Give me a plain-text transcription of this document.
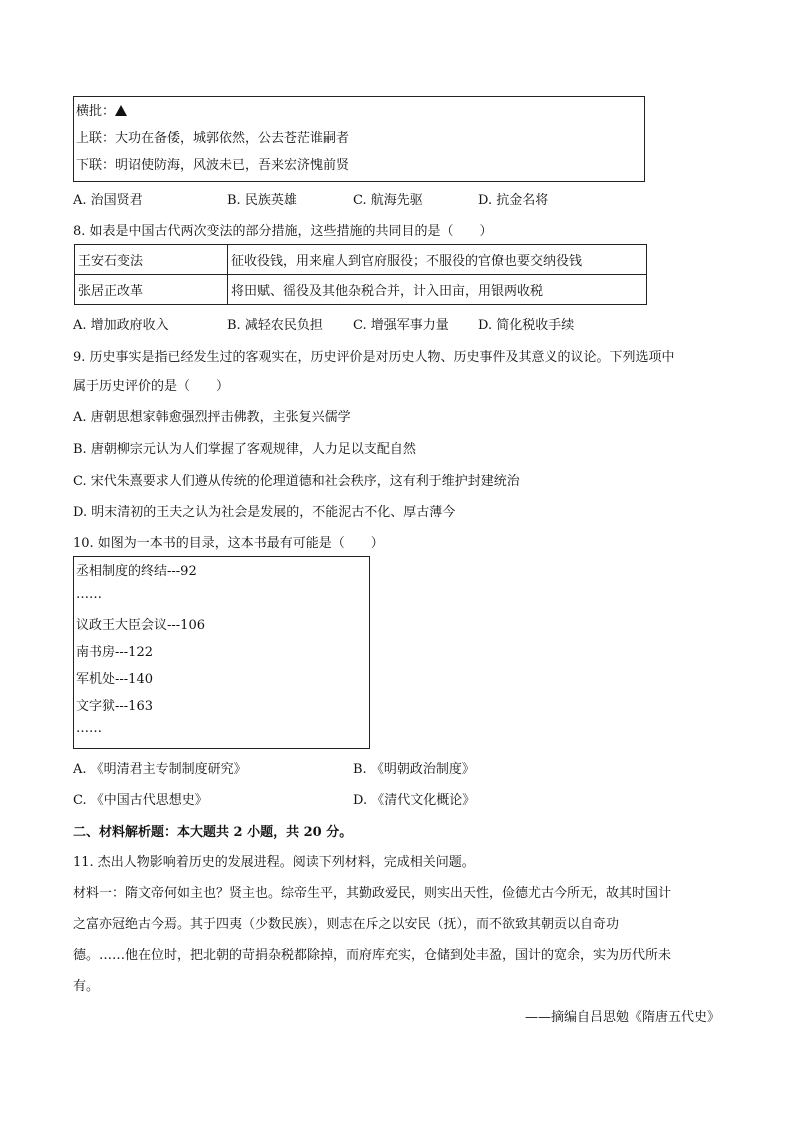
横批：
上联：大功在备倭，城郭依然，公去苍茫谁嗣者
下联：明诏使防海，风波未已，吾来宏济愧前贤
A. 治国贤君	B. 民族英雄	C. 航海先驱	D. 抗金名将
8. 如表是中国古代两次变法的部分措施，这些措施的共同目的是（　　）
王安石变法	征收役钱，用来雇人到官府服役；不服役的官僚也要交纳役钱
张居正改革	将田赋、徭役及其他杂税合并，计入田亩，用银两收税
A. 增加政府收入	B. 减轻农民负担 C. 增强军事力量 D. 简化税收手续
9. 历史事实是指已经发生过的客观实在，历史评价是对历史人物、历史事件及其意义的议论。下列选项中
属于历史评价的是（　　）
A. 唐朝思想家韩愈强烈抨击佛教，主张复兴儒学
B. 唐朝柳宗元认为人们掌握了客观规律，人力足以支配自然
C. 宋代朱熹要求人们遵从传统的伦理道德和社会秩序，这有利于维护封建统治
D. 明末清初的王夫之认为社会是发展的，不能泥古不化、厚古薄今
10. 如图为一本书的目录，这本书最有可能是（　　）
丞相制度的终结---92
……
议政王大臣会议---106
南书房---122
军机处---140
文字狱---163
……
A. 《明清君主专制制度研究》	B. 《明朝政治制度》
C. 《中国古代思想史》	D. 《清代文化概论》
二、材料解析题：本大题共 2 小题，共 20 分。
11. 杰出人物影响着历史的发展进程。阅读下列材料，完成相关问题。
材料一：隋文帝何如主也？贤主也。综帝生平，其勤政爱民，则实出天性，俭德尤古今所无，故其时国计
之富亦冠绝古今焉。其于四夷（少数民族），则志在斥之以安民（抚），而不欲致其朝贡以自奇功
德。……他在位时，把北朝的苛捐杂税都除掉，而府库充实，仓储到处丰盈，国计的宽余，实为历代所未
有。
——摘编自吕思勉《隋唐五代史》
